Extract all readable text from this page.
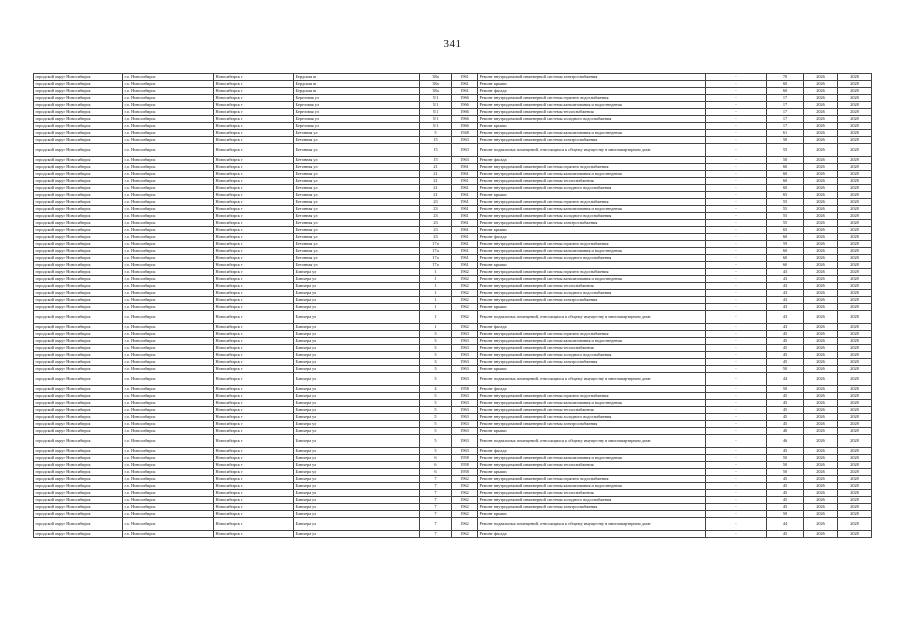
341
городской округ Новосибирск	г.о. Новосибирск	Новосибирск г	Бердская ш	38а	1961	Ремонт внутридомовой инженерной системы электроснабжения	-	70	2026	2028
городской округ Новосибирск	г.о. Новосибирск	Новосибирск г	Бердская ш	38а	1961	Ремонт крыши	-	60	2026	2028
городской округ Новосибирск	г.о. Новосибирск	Новосибирск г	Бердская ш	38а	1961	Ремонт фасада	-	60	2026	2028
городской округ Новосибирск	г.о. Новосибирск	Новосибирск г	Березовая ул	5/1	1966	Ремонт внутридомовой инженерной системы горячего водоснабжения	-	17	2026	2028
городской округ Новосибирск	г.о. Новосибирск	Новосибирск г	Березовая ул	5/1	1966	Ремонт внутридомовой инженерной системы канализования и водоотведения	-	17	2026	2028
городской округ Новосибирск	г.о. Новосибирск	Новосибирск г	Березовая ул	5/1	1966	Ремонт внутридомовой инженерной системы теплоснабжения	-	17	2026	2028
городской округ Новосибирск	г.о. Новосибирск	Новосибирск г	Березовая ул	5/1	1966	Ремонт внутридомовой инженерной системы холодного водоснабжения	-	17	2026	2028
городской округ Новосибирск	г.о. Новосибирск	Новосибирск г	Березовая ул	5/1	1966	Ремонт крыши	-	17	2026	2028
городской округ Новосибирск	г.о. Новосибирск	Новосибирск г	Бетонная ул	5	1948	Ремонт внутридомовой инженерной системы канализования и водоотведения	-	61	2026	2028
городской округ Новосибирск	г.о. Новосибирск	Новосибирск г	Бетонная ул	15	1963	Ремонт внутридомовой инженерной системы электроснабжения	-	50	2026	2028
городской округ Новосибирск	г.о. Новосибирск	Новосибирск г	Бетонная ул	15	1963	Ремонт подвальных помещений, относящихся к общему имуществу в многоквартирном доме	-	55	2026	2028
городской округ Новосибирск	г.о. Новосибирск	Новосибирск г	Бетонная ул	15	1963	Ремонт фасада	-	50	2026	2028
городской округ Новосибирск	г.о. Новосибирск	Новосибирск г	Бетонная ул	21	1961	Ремонт внутридомовой инженерной системы горячего водоснабжения	-	60	2026	2028
городской округ Новосибирск	г.о. Новосибирск	Новосибирск г	Бетонная ул	21	1961	Ремонт внутридомовой инженерной системы канализования и водоотведения	-	60	2026	2028
городской округ Новосибирск	г.о. Новосибирск	Новосибирск г	Бетонная ул	21	1961	Ремонт внутридомовой инженерной системы теплоснабжения	-	60	2026	2028
городской округ Новосибирск	г.о. Новосибирск	Новосибирск г	Бетонная ул	21	1961	Ремонт внутридомовой инженерной системы холодного водоснабжения	-	60	2026	2028
городской округ Новосибирск	г.о. Новосибирск	Новосибирск г	Бетонная ул	21	1961	Ремонт крыши	-	65	2026	2028
городской округ Новосибирск	г.о. Новосибирск	Новосибирск г	Бетонная ул	23	1961	Ремонт внутридомовой инженерной системы горячего водоснабжения	-	55	2026	2028
городской округ Новосибирск	г.о. Новосибирск	Новосибирск г	Бетонная ул	23	1961	Ремонт внутридомовой инженерной системы канализования и водоотведения	-	55	2026	2028
городской округ Новосибирск	г.о. Новосибирск	Новосибирск г	Бетонная ул	23	1961	Ремонт внутридомовой инженерной системы холодного водоснабжения	-	55	2026	2028
городской округ Новосибирск	г.о. Новосибирск	Новосибирск г	Бетонная ул	23	1961	Ремонт внутридомовой инженерной системы электроснабжения	-	55	2026	2028
городской округ Новосибирск	г.о. Новосибирск	Новосибирск г	Бетонная ул	23	1961	Ремонт крыши	-	65	2026	2028
городской округ Новосибирск	г.о. Новосибирск	Новосибирск г	Бетонная ул	23	1961	Ремонт фасада	-	60	2026	2028
городской округ Новосибирск	г.о. Новосибирск	Новосибирск г	Бетонная ул	17а	1961	Ремонт внутридомовой инженерной системы горячего водоснабжения	-	59	2026	2028
городской округ Новосибирск	г.о. Новосибирск	Новосибирск г	Бетонная ул	17а	1961	Ремонт внутридомовой инженерной системы канализования и водоотведения	-	60	2026	2028
городской округ Новосибирск	г.о. Новосибирск	Новосибирск г	Бетонная ул	17а	1961	Ремонт внутридомовой инженерной системы холодного водоснабжения	-	60	2026	2028
городской округ Новосибирск	г.о. Новосибирск	Новосибирск г	Бетонная ул	17а	1961	Ремонт крыши	-	60	2026	2028
городской округ Новосибирск	г.о. Новосибирск	Новосибирск г	Блюхера ул	1	1962	Ремонт внутридомовой инженерной системы горячего водоснабжения	-	43	2026	2028
городской округ Новосибирск	г.о. Новосибирск	Новосибирск г	Блюхера ул	1	1962	Ремонт внутридомовой инженерной системы канализования и водоотведения	-	43	2026	2028
городской округ Новосибирск	г.о. Новосибирск	Новосибирск г	Блюхера ул	1	1962	Ремонт внутридомовой инженерной системы теплоснабжения	-	43	2026	2028
городской округ Новосибирск	г.о. Новосибирск	Новосибирск г	Блюхера ул	1	1962	Ремонт внутридомовой инженерной системы холодного водоснабжения	-	43	2026	2028
городской округ Новосибирск	г.о. Новосибирск	Новосибирск г	Блюхера ул	1	1962	Ремонт внутридомовой инженерной системы электроснабжения	-	43	2026	2028
городской округ Новосибирск	г.о. Новосибирск	Новосибирск г	Блюхера ул	1	1962	Ремонт крыши	-	43	2026	2028
городской округ Новосибирск	г.о. Новосибирск	Новосибирск г	Блюхера ул	1	1962	Ремонт подвальных помещений, относящихся к общему имуществу в многоквартирном доме	-	43	2026	2028
городской округ Новосибирск	г.о. Новосибирск	Новосибирск г	Блюхера ул	1	1962	Ремонт фасада	-	43	2026	2028
городской округ Новосибирск	г.о. Новосибирск	Новосибирск г	Блюхера ул	3	1963	Ремонт внутридомовой инженерной системы горячего водоснабжения	-	45	2026	2028
городской округ Новосибирск	г.о. Новосибирск	Новосибирск г	Блюхера ул	3	1963	Ремонт внутридомовой инженерной системы канализования и водоотведения	-	45	2026	2028
городской округ Новосибирск	г.о. Новосибирск	Новосибирск г	Блюхера ул	3	1963	Ремонт внутридомовой инженерной системы теплоснабжения	-	45	2026	2028
городской округ Новосибирск	г.о. Новосибирск	Новосибирск г	Блюхера ул	3	1963	Ремонт внутридомовой инженерной системы холодного водоснабжения	-	45	2026	2028
городской округ Новосибирск	г.о. Новосибирск	Новосибирск г	Блюхера ул	3	1963	Ремонт внутридомовой инженерной системы электроснабжения	-	45	2026	2028
городской округ Новосибирск	г.о. Новосибирск	Новосибирск г	Блюхера ул	3	1963	Ремонт крыши	-	50	2026	2028
городской округ Новосибирск	г.о. Новосибирск	Новосибирск г	Блюхера ул	3	1963	Ремонт подвальных помещений, относящихся к общему имуществу в многоквартирном доме	-	44	2026	2028
городской округ Новосибирск	г.о. Новосибирск	Новосибирск г	Блюхера ул	4	1958	Ремонт фасада	-	50	2026	2028
городской округ Новосибирск	г.о. Новосибирск	Новосибирск г	Блюхера ул	5	1963	Ремонт внутридомовой инженерной системы горячего водоснабжения	-	45	2026	2028
городской округ Новосибирск	г.о. Новосибирск	Новосибирск г	Блюхера ул	5	1963	Ремонт внутридомовой инженерной системы канализования и водоотведения	-	45	2026	2028
городской округ Новосибирск	г.о. Новосибирск	Новосибирск г	Блюхера ул	5	1963	Ремонт внутридомовой инженерной системы теплоснабжения	-	45	2026	2028
городской округ Новосибирск	г.о. Новосибирск	Новосибирск г	Блюхера ул	5	1963	Ремонт внутридомовой инженерной системы холодного водоснабжения	-	45	2026	2028
городской округ Новосибирск	г.о. Новосибирск	Новосибирск г	Блюхера ул	5	1963	Ремонт внутридомовой инженерной системы электроснабжения	-	45	2026	2028
городской округ Новосибирск	г.о. Новосибирск	Новосибирск г	Блюхера ул	5	1963	Ремонт крыши	-	40	2026	2028
городской округ Новосибирск	г.о. Новосибирск	Новосибирск г	Блюхера ул	5	1963	Ремонт подвальных помещений, относящихся к общему имуществу в многоквартирном доме	-	46	2026	2028
городской округ Новосибирск	г.о. Новосибирск	Новосибирск г	Блюхера ул	5	1963	Ремонт фасада	-	45	2026	2028
городской округ Новосибирск	г.о. Новосибирск	Новосибирск г	Блюхера ул	6	1958	Ремонт внутридомовой инженерной системы канализования и водоотведения	-	50	2026	2028
городской округ Новосибирск	г.о. Новосибирск	Новосибирск г	Блюхера ул	6	1958	Ремонт внутридомовой инженерной системы теплоснабжения	-	50	2026	2028
городской округ Новосибирск	г.о. Новосибирск	Новосибирск г	Блюхера ул	6	1958	Ремонт крыши	-	50	2026	2028
городской округ Новосибирск	г.о. Новосибирск	Новосибирск г	Блюхера ул	7	1962	Ремонт внутридомовой инженерной системы горячего водоснабжения	-	45	2026	2028
городской округ Новосибирск	г.о. Новосибирск	Новосибирск г	Блюхера ул	7	1962	Ремонт внутридомовой инженерной системы канализования и водоотведения	-	45	2026	2028
городской округ Новосибирск	г.о. Новосибирск	Новосибирск г	Блюхера ул	7	1962	Ремонт внутридомовой инженерной системы теплоснабжения	-	45	2026	2028
городской округ Новосибирск	г.о. Новосибирск	Новосибирск г	Блюхера ул	7	1962	Ремонт внутридомовой инженерной системы холодного водоснабжения	-	45	2026	2028
городской округ Новосибирск	г.о. Новосибирск	Новосибирск г	Блюхера ул	7	1962	Ремонт внутридомовой инженерной системы электроснабжения	-	45	2026	2028
городской округ Новосибирск	г.о. Новосибирск	Новосибирск г	Блюхера ул	7	1962	Ремонт крыши	-	50	2026	2028
городской округ Новосибирск	г.о. Новосибирск	Новосибирск г	Блюхера ул	7	1962	Ремонт подвальных помещений, относящихся к общему имуществу в многоквартирном доме	-	44	2026	2028
городской округ Новосибирск	г.о. Новосибирск	Новосибирск г	Блюхера ул	7	1962	Ремонт фасада	-	45	2026	2028
